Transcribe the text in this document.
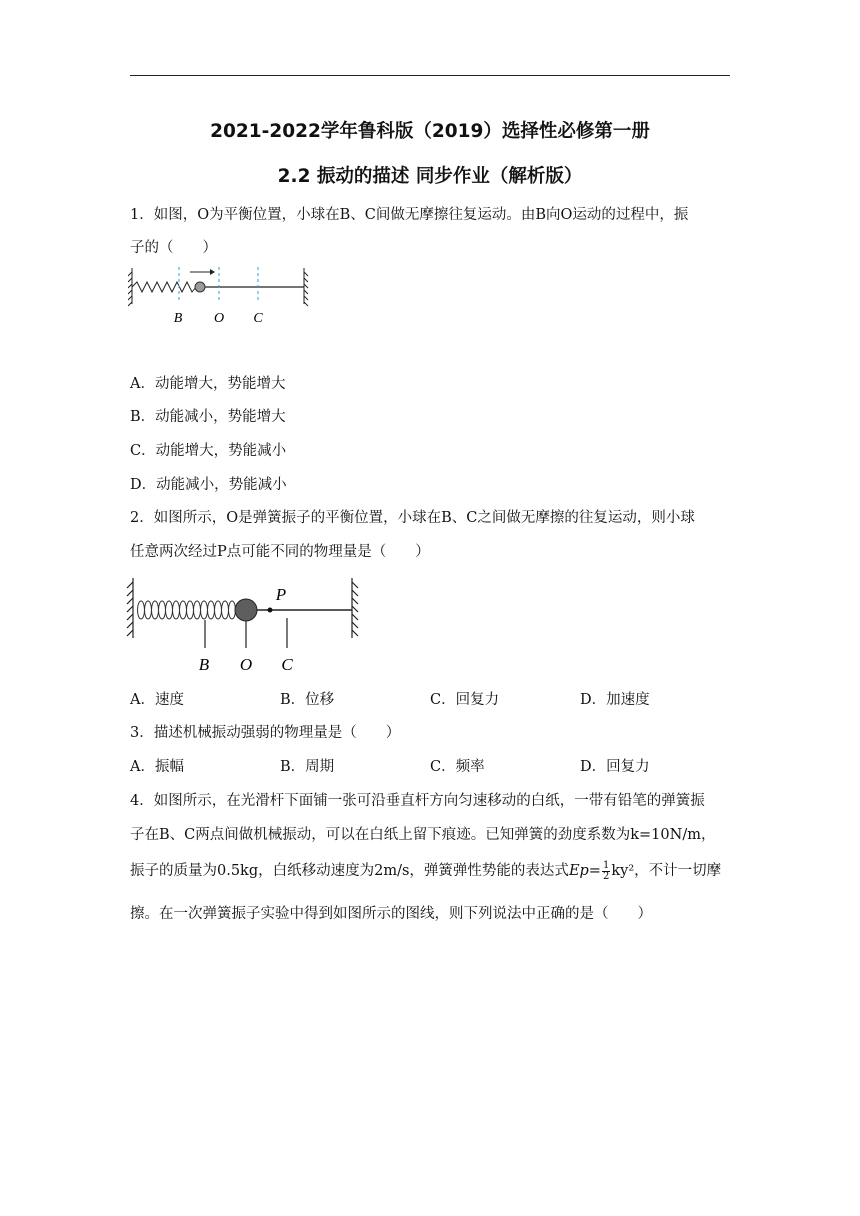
2021-2022学年鲁科版（2019）选择性必修第一册
2.2 振动的描述 同步作业（解析版）
1．如图，O为平衡位置，小球在B、C间做无摩擦往复运动。由B向O运动的过程中，振
子的（　　）
B O C
A．动能增大，势能增大
B．动能减小，势能增大
C．动能增大，势能减小
D．动能减小，势能减小
2．如图所示，O是弹簧振子的平衡位置，小球在B、C之间做无摩擦的往复运动，则小球
任意两次经过P点可能不同的物理量是（　　）
P
B O C
A．速度	B．位移	C．回复力	D．加速度
3．描述机械振动强弱的物理量是（　　）
A．振幅	B．周期	C．频率	D．回复力
4．如图所示，在光滑杆下面铺一张可沿垂直杆方向匀速移动的白纸，一带有铅笔的弹簧振
子在B、C两点间做机械振动，可以在白纸上留下痕迹。已知弹簧的劲度系数为k=10N/m，
振子的质量为0.5kg，白纸移动速度为2m/s，弹簧弹性势能的表达式$Ep= \frac{1}{2} ky^2$，不计一切摩
擦。在一次弹簧振子实验中得到如图所示的图线，则下列说法中正确的是（　　）
